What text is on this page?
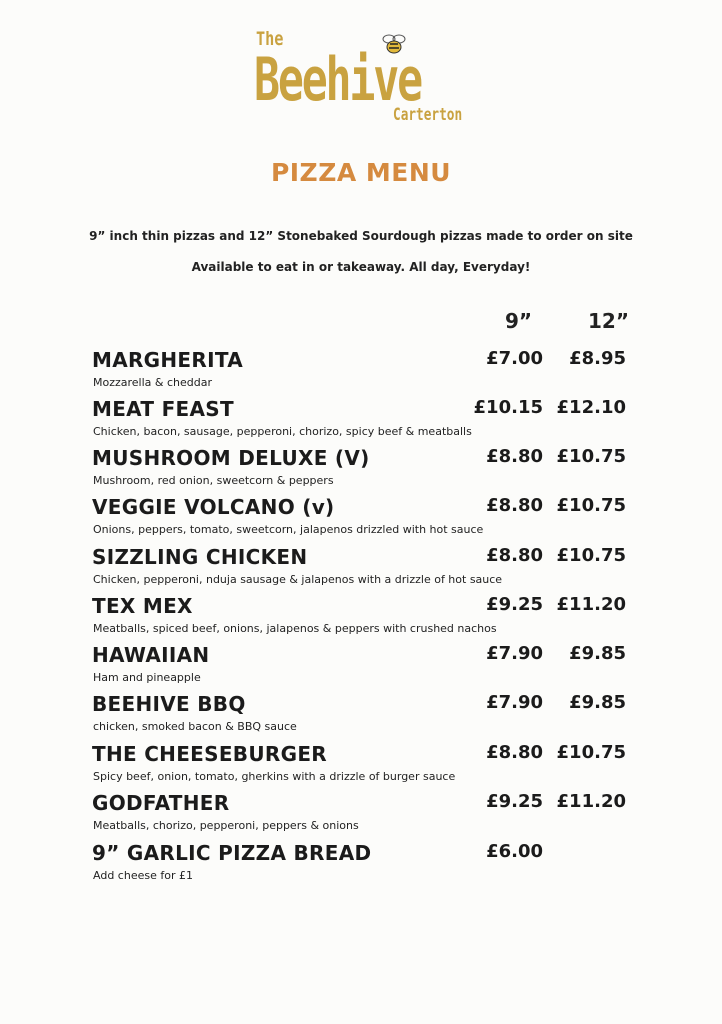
The
Beehive
Carterton
PIZZA MENU
9” inch thin pizzas and 12” Stonebaked Sourdough pizzas made to order on site
Available to eat in or takeaway. All day, Everyday!
9”	12”
MARGHERITA
Mozzarella & cheddar
£7.00 £8.95
MEAT FEAST
Chicken, bacon, sausage, pepperoni, chorizo, spicy beef & meatballs
£10.15 £12.10
MUSHROOM DELUXE (V)
Mushroom, red onion, sweetcorn & peppers
£8.80 £10.75
VEGGIE VOLCANO (v)
Onions, peppers, tomato, sweetcorn, jalapenos drizzled with hot sauce
£8.80 £10.75
SIZZLING CHICKEN
Chicken, pepperoni, nduja sausage & jalapenos with a drizzle of hot sauce
£8.80 £10.75
TEX MEX
Meatballs, spiced beef, onions, jalapenos & peppers with crushed nachos
£9.25 £11.20
HAWAIIAN
Ham and pineapple
£7.90 £9.85
BEEHIVE BBQ
chicken, smoked bacon & BBQ sauce
£7.90 £9.85
THE CHEESEBURGER
Spicy beef, onion, tomato, gherkins with a drizzle of burger sauce
£8.80 £10.75
GODFATHER
Meatballs, chorizo, pepperoni, peppers & onions
£9.25 £11.20
9” GARLIC PIZZA BREAD
Add cheese for £1
£6.00
